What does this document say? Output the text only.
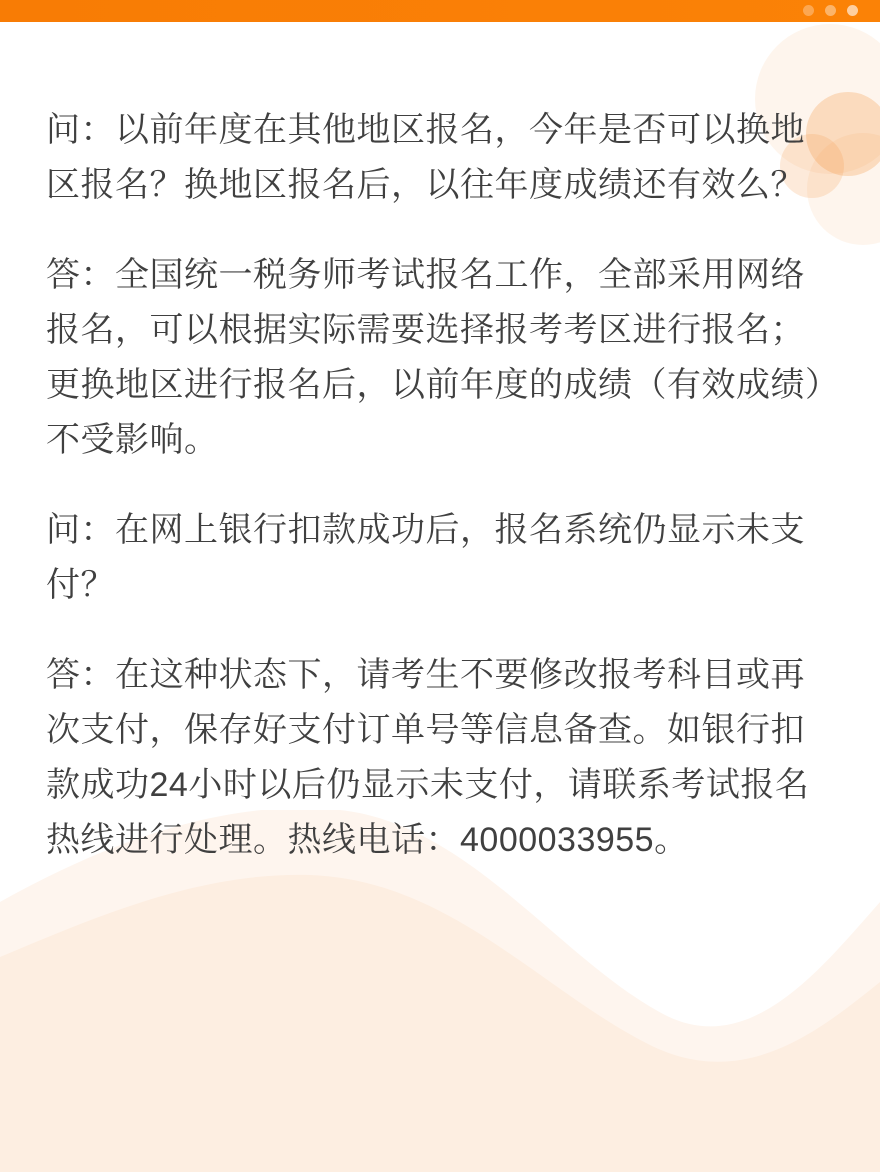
问：以前年度在其他地区报名，今年是否可以换地区报名？换地区报名后，以往年度成绩还有效么？

答：全国统一税务师考试报名工作，全部采用网络报名，可以根据实际需要选择报考考区进行报名；更换地区进行报名后，以前年度的成绩（有效成绩）不受影响。

问：在网上银行扣款成功后，报名系统仍显示未支付？

答：在这种状态下，请考生不要修改报考科目或再次支付，保存好支付订单号等信息备查。如银行扣款成功24小时以后仍显示未支付，请联系考试报名热线进行处理。热线电话：4000033955。
